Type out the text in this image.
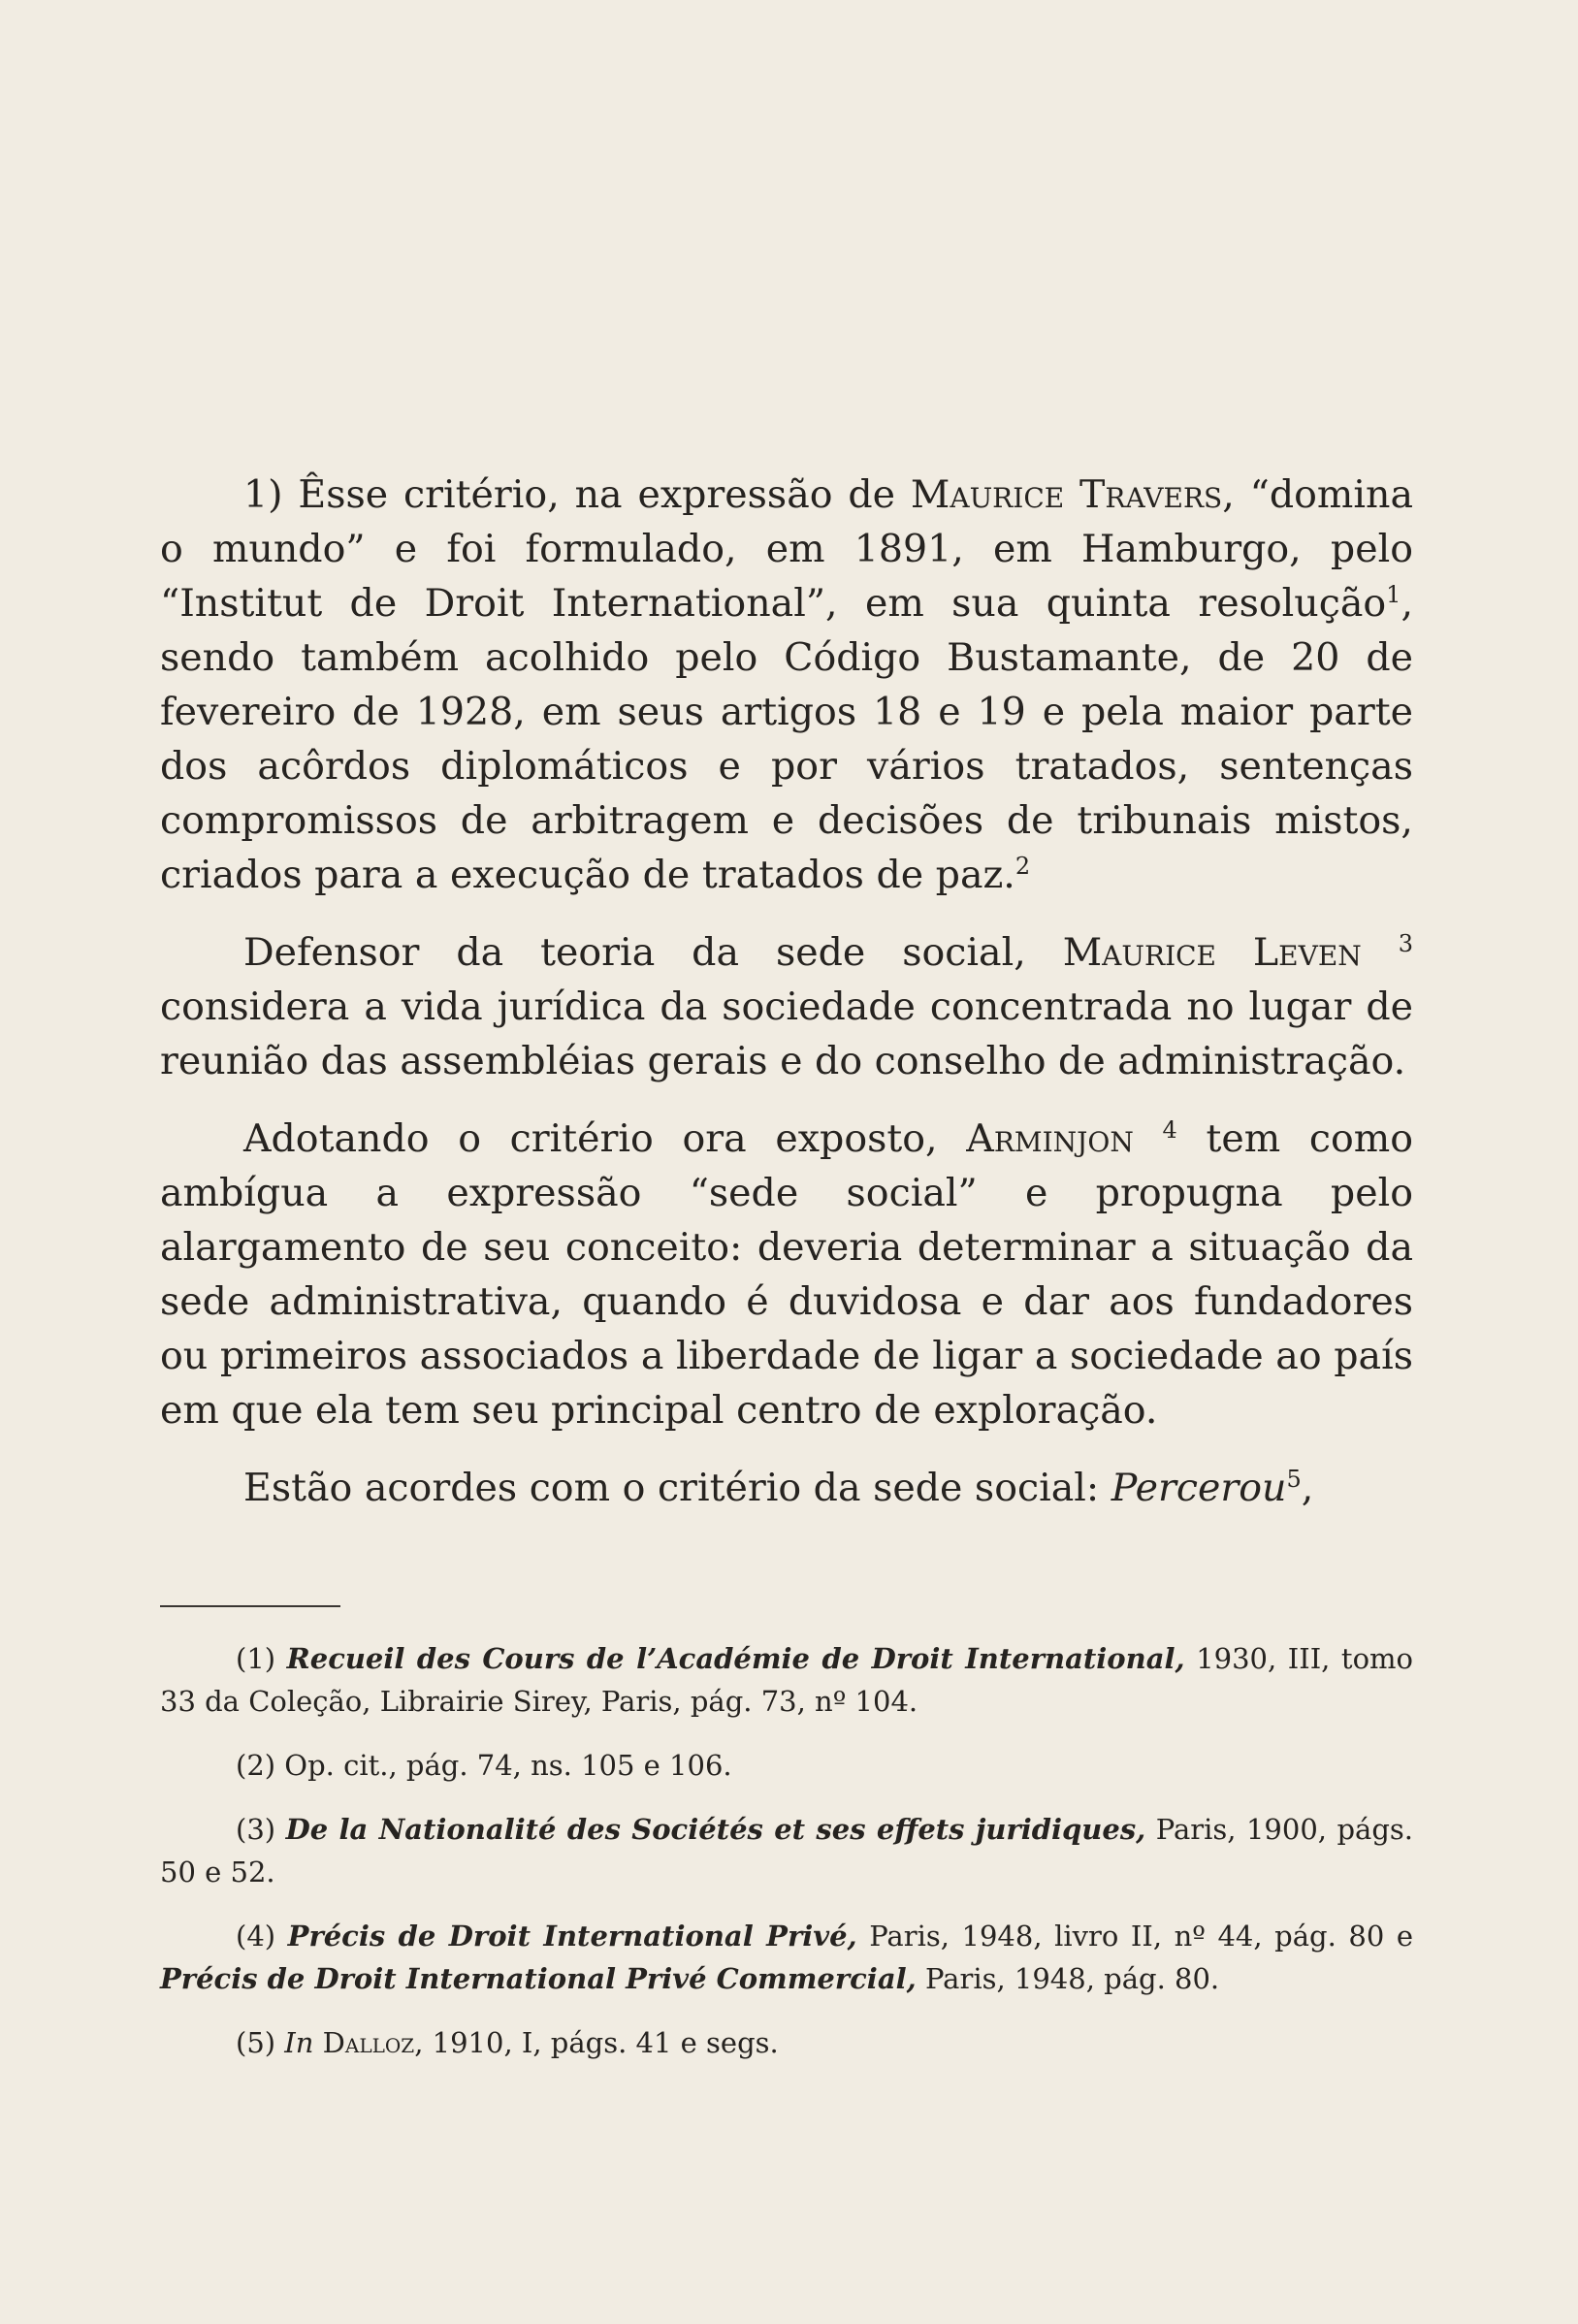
1) Êsse critério, na expressão de Maurice Travers, “domina o mundo” e foi formulado, em 1891, em Hamburgo, pelo “Institut de Droit International”, em sua quinta resolução$^1$, sendo também acolhido pelo Código Bustamante, de 20 de fevereiro de 1928, em seus artigos 18 e 19 e pela maior parte dos acôrdos diplomáticos e por vários tratados, sentenças compromissos de arbitragem e decisões de tribunais mistos, criados para a execução de tratados de paz.$^2$

Defensor da teoria da sede social, Maurice Leven $^3$ considera a vida jurídica da sociedade concentrada no lugar de reunião das assembléias gerais e do conselho de administração.

Adotando o critério ora exposto, Arminjon $^4$ tem como ambígua a expressão “sede social” e propugna pelo alargamento de seu conceito: deveria determinar a situação da sede administrativa, quando é duvidosa e dar aos fundadores ou primeiros associados a liberdade de ligar a sociedade ao país em que ela tem seu principal centro de exploração.

Estão acordes com o critério da sede social: Percerou$^5$,

(1) Recueil des Cours de l’Académie de Droit International, 1930, III, tomo 33 da Coleção, Librairie Sirey, Paris, pág. 73, nº 104.

(2) Op. cit., pág. 74, ns. 105 e 106.

(3) De la Nationalité des Sociétés et ses effets juridiques, Paris, 1900, págs. 50 e 52.

(4) Précis de Droit International Privé, Paris, 1948, livro II, nº 44, pág. 80 e Précis de Droit International Privé Commercial, Paris, 1948, pág. 80.

(5) In Dalloz, 1910, I, págs. 41 e segs.
